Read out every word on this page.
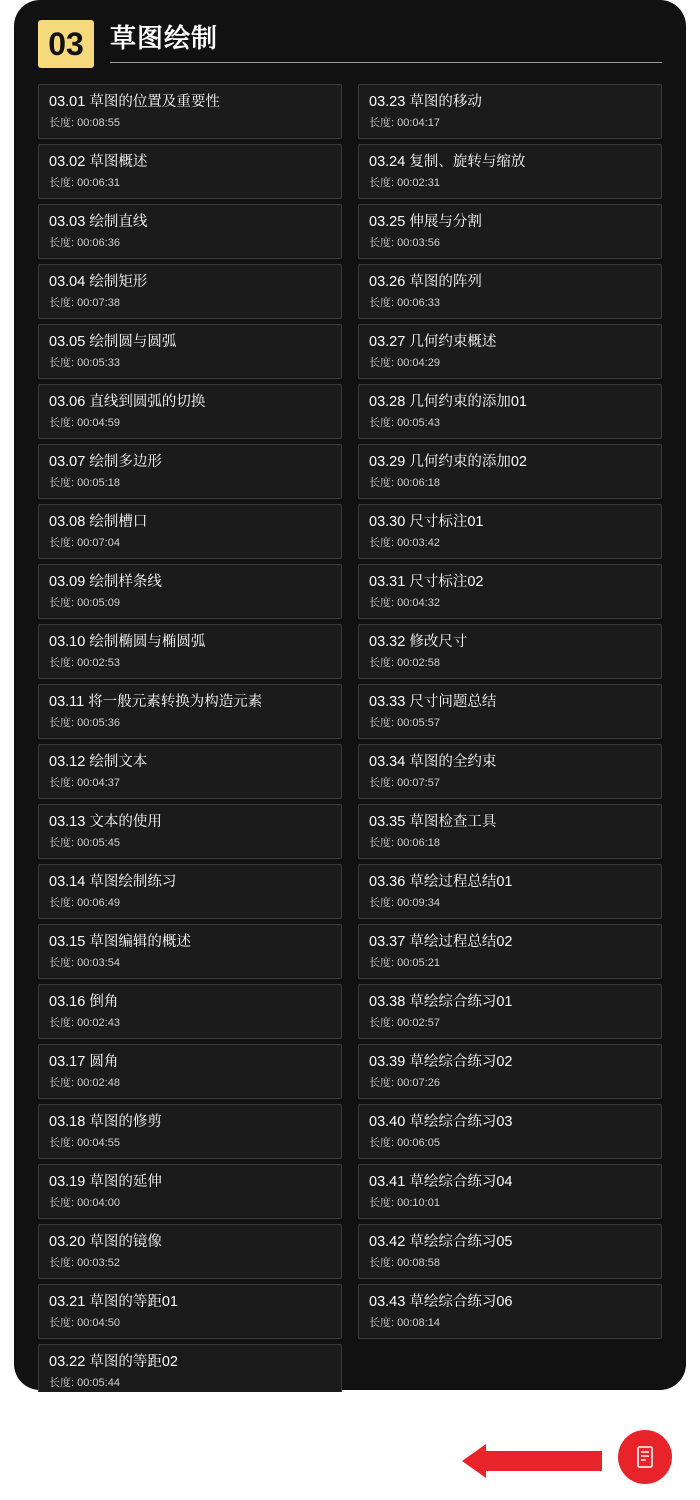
03	草图绘制
03.01 草图的位置及重要性
长度: 00:08:55
03.02 草图概述
长度: 00:06:31
03.03 绘制直线
长度: 00:06:36
03.04 绘制矩形
长度: 00:07:38
03.05 绘制圆与圆弧
长度: 00:05:33
03.06 直线到圆弧的切换
长度: 00:04:59
03.07 绘制多边形
长度: 00:05:18
03.08 绘制槽口
长度: 00:07:04
03.09 绘制样条线
长度: 00:05:09
03.10 绘制椭圆与椭圆弧
长度: 00:02:53
03.11 将一般元素转换为构造元素
长度: 00:05:36
03.12 绘制文本
长度: 00:04:37
03.13 文本的使用
长度: 00:05:45
03.14 草图绘制练习
长度: 00:06:49
03.15 草图编辑的概述
长度: 00:03:54
03.16 倒角
长度: 00:02:43
03.17 圆角
长度: 00:02:48
03.18 草图的修剪
长度: 00:04:55
03.19 草图的延伸
长度: 00:04:00
03.20 草图的镜像
长度: 00:03:52
03.21 草图的等距01
长度: 00:04:50
03.22 草图的等距02
长度: 00:05:44
03.23 草图的移动
长度: 00:04:17
03.24 复制、旋转与缩放
长度: 00:02:31
03.25 伸展与分割
长度: 00:03:56
03.26 草图的阵列
长度: 00:06:33
03.27 几何约束概述
长度: 00:04:29
03.28 几何约束的添加01
长度: 00:05:43
03.29 几何约束的添加02
长度: 00:06:18
03.30 尺寸标注01
长度: 00:03:42
03.31 尺寸标注02
长度: 00:04:32
03.32 修改尺寸
长度: 00:02:58
03.33 尺寸问题总结
长度: 00:05:57
03.34 草图的全约束
长度: 00:07:57
03.35 草图检查工具
长度: 00:06:18
03.36 草绘过程总结01
长度: 00:09:34
03.37 草绘过程总结02
长度: 00:05:21
03.38 草绘综合练习01
长度: 00:02:57
03.39 草绘综合练习02
长度: 00:07:26
03.40 草绘综合练习03
长度: 00:06:05
03.41 草绘综合练习04
长度: 00:10:01
03.42 草绘综合练习05
长度: 00:08:58
03.43 草绘综合练习06
长度: 00:08:14
